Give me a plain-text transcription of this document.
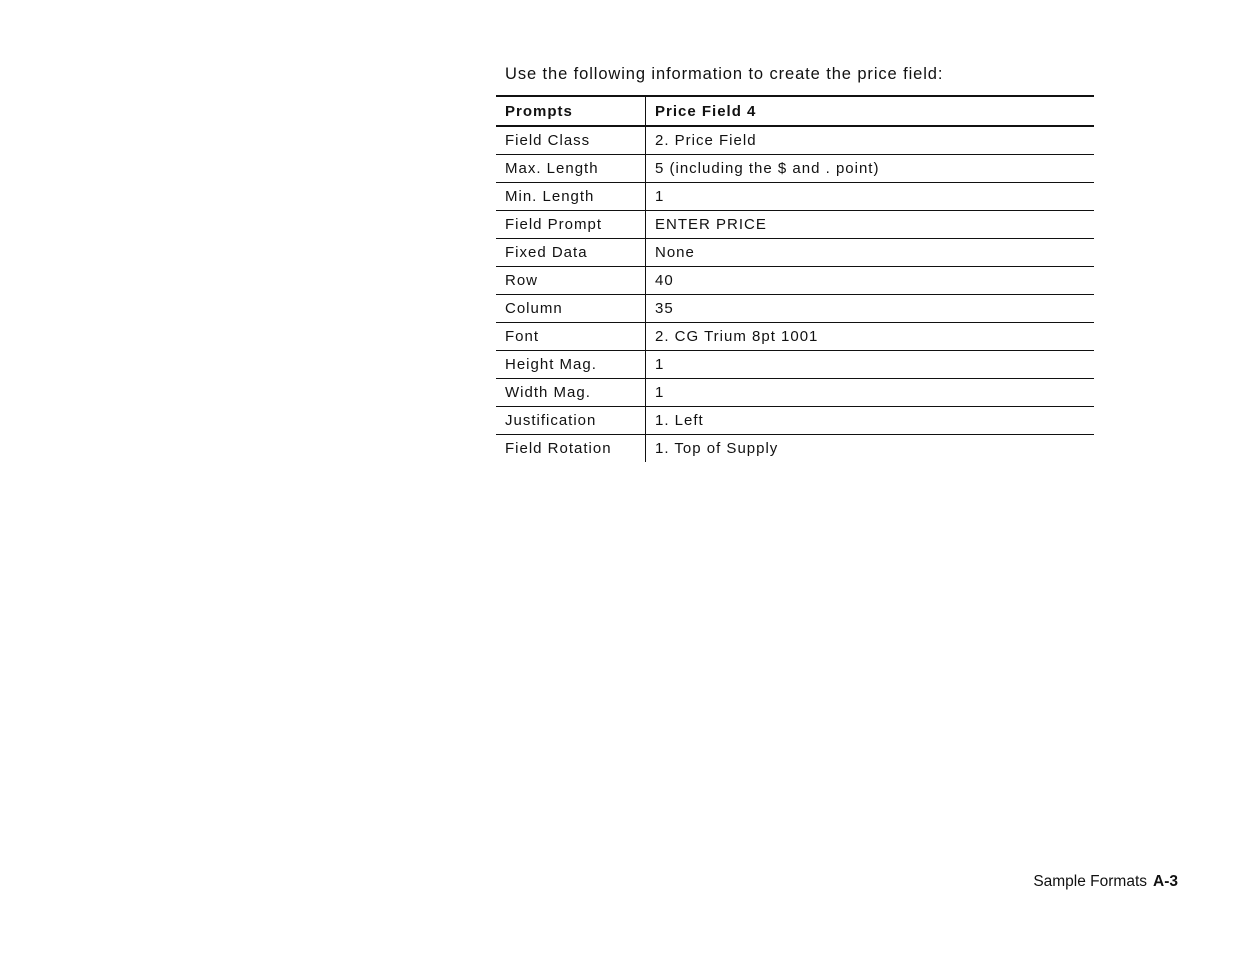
Use the following information to create the price field:
Prompts	Price Field 4
Field Class	2. Price Field
Max. Length	5 (including the $ and . point)
Min. Length	1
Field Prompt	ENTER PRICE
Fixed Data	None
Row	40
Column	35
Font	2. CG Trium 8pt 1001
Height Mag.	1
Width Mag.	1
Justification	1. Left
Field Rotation	1. Top of Supply
Sample Formats A-3
